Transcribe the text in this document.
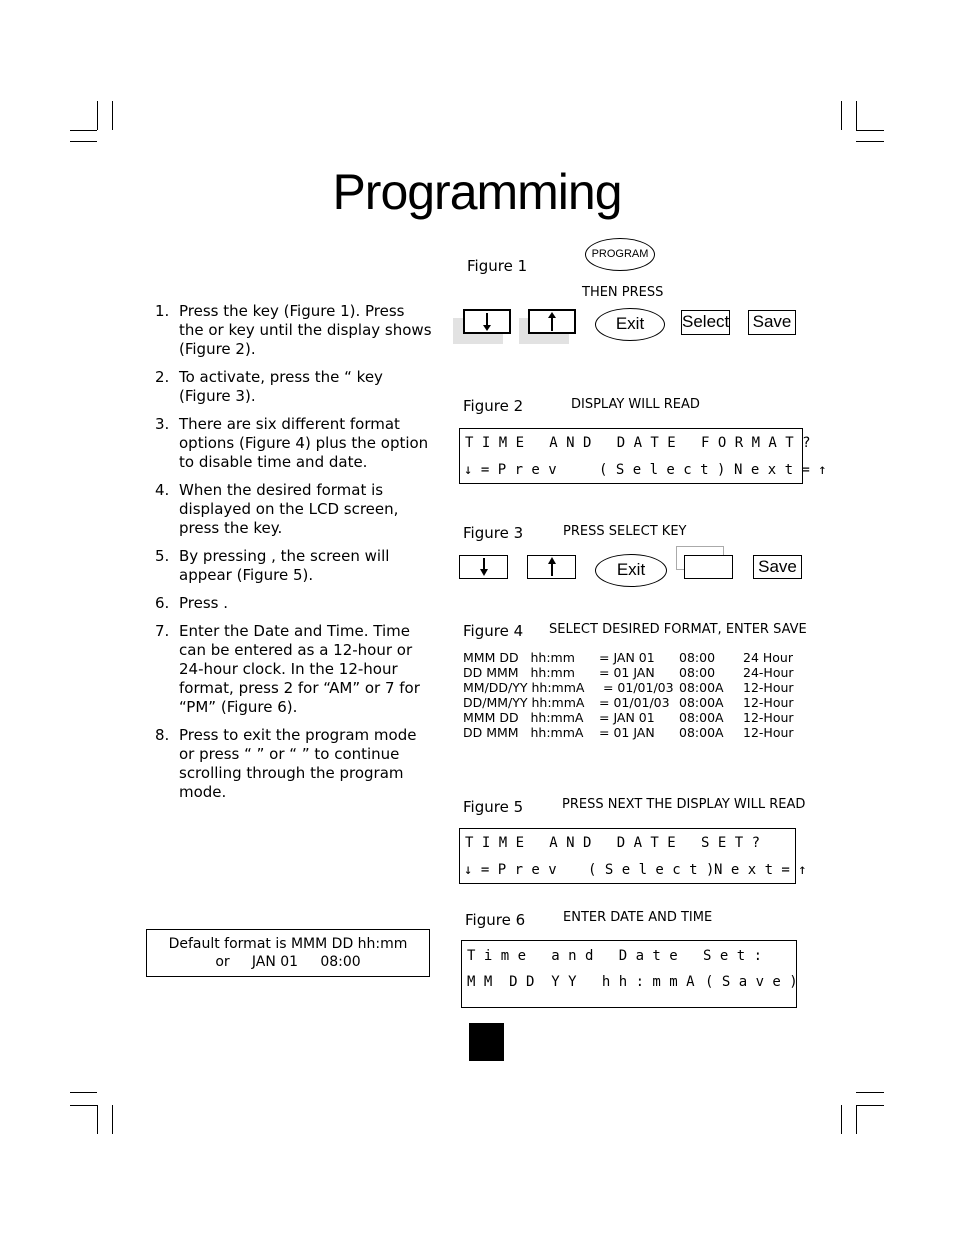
Programming
1. Press the key (Figure 1). Press the or key until the display shows (Figure 2).
2. To activate, press the “ key (Figure 3).
3. There are six different format options (Figure 4) plus the option to disable time and date.
4. When the desired format is displayed on the LCD screen, press the key.
5. By pressing , the screen will appear (Figure 5).
6. Press .
7. Enter the Date and Time. Time can be entered as a 12-hour or 24-hour clock. In the 12-hour format, press 2 for “AM” or 7 for “PM” (Figure 6).
8. Press to exit the program mode or press “ ” or “ ” to continue scrolling through the program mode.
Default format is MMM DD hh:mm
or     JAN 01     08:00
Figure 1
PROGRAM
THEN PRESS
Exit	Select Save
Figure 2	DISPLAY WILL READ
T I M E   A N D   D A T E   F O R M A T ?
↓ = P r e v	( S e l e c t ) N e x t = ↑
Figure 3	PRESS SELECT KEY
Exit	Save
Figure 4 SELECT DESIRED FORMAT, ENTER SAVE
MMM DD   hh:mm	= JAN 01	08:00	24 Hour
DD MMM   hh:mm	= 01 JAN	08:00	24-Hour
MM/DD/YY hh:mmA	= 01/01/03	08:00A	12-Hour
DD/MM/YY hh:mmA	= 01/01/03	08:00A	12-Hour
MMM DD   hh:mmA	= JAN 01	08:00A	12-Hour
DD MMM   hh:mmA	= 01 JAN	08:00A	12-Hour
Figure 5	PRESS NEXT THE DISPLAY WILL READ
T I M E   A N D   D A T E   S E T ?
↓ = P r e v ( S e l e c t ) N e x t = ↑
Figure 6	ENTER DATE AND TIME
T i m e   a n d   D a t e   S e t :
M M  D D  Y Y   h h : m m A ( S a v e )
